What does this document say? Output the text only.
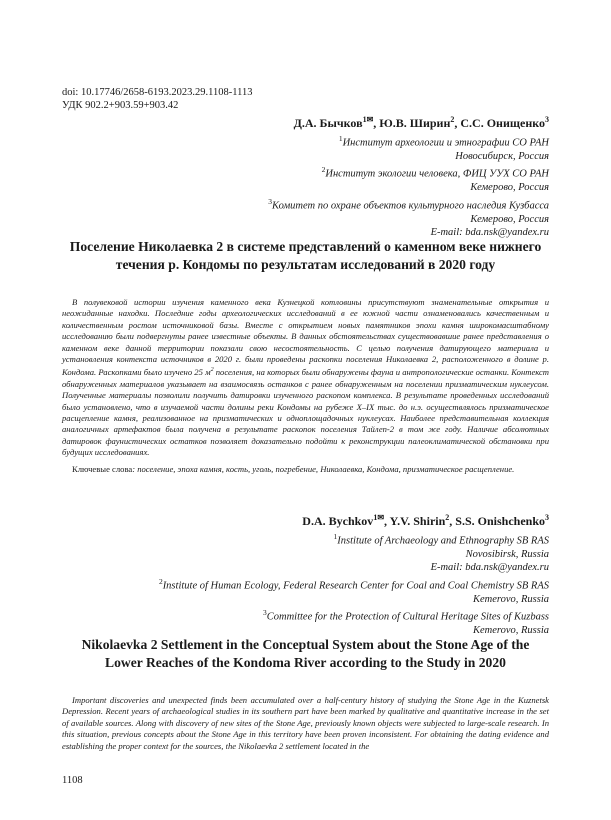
doi: 10.17746/2658-6193.2023.29.1108-1113
УДК 902.2+903.59+903.42
Д.А. Бычков$^{1✉}$, Ю.В. Ширин$^2$, С.С. Онищенко$^3$
$^1$Институт археологии и этнографии СО РАН
Новосибирск, Россия
$^2$Институт экологии человека, ФИЦ УУХ СО РАН
Кемерово, Россия
$^3$Комитет по охране объектов культурного наследия Кузбасса
Кемерово, Россия
E-mail: bda.nsk@yandex.ru
Поселение Николаевка 2 в системе представлений о каменном веке нижнего течения р. Кондомы по результатам исследований в 2020 году

В полувековой истории изучения каменного века Кузнецкой котловины присутствуют знаменательные открытия и неожиданные находки. Последние годы археологических исследований в ее южной части ознаменовались качественным и количественным ростом источниковой базы. Вместе с открытием новых памятников эпохи камня широкомасштабному исследованию были подвергнуты ранее известные объекты. В данных обстоятельствах существовавшие ранее представления о каменном веке данной территории показали свою несостоятельность. С целью получения датирующего материала и установления контекста источников в 2020 г. были проведены раскопки поселения Николаевка 2, расположенного в долине р. Кондома. Раскопками было изучено 25 $м^2$ поселения, на которых были обнаружены фауна и антропологические останки. Контекст обнаруженных материалов указывает на взаимосвязь останков с ранее обнаруженным на поселении призматическим нуклеусом. Полученные материалы позволили получить датировки изученного раскопом комплекса. В результате проведенных исследований было установлено, что в изучаемой части долины реки Кондомы на рубеже X–IX тыс. до н.э. осуществлялось призматическое расщепление камня, реализованное на призматических и одноплощадочных нуклеусах. Наиболее представительная коллекция аналогичных артефактов была получена в результате раскопок поселения Тайлеп-2 в том же году. Наличие абсолютных датировок фаунистических остатков позволяет доказательно подойти к реконструкции палеоклиматической обстановки при будущих исследованиях.

Ключевые слова: поселение, эпоха камня, кость, уголь, погребение, Николаевка, Кондома, призматическое расщепление.

D.A. Bychkov$^{1✉}$, Y.V. Shirin$^2$, S.S. Onishchenko$^3$
$^1$Institute of Archaeology and Ethnography SB RAS
Novosibirsk, Russia
E-mail: bda.nsk@yandex.ru
$^2$Institute of Human Ecology, Federal Research Center for Coal and Coal Chemistry SB RAS
Kemerovo, Russia
$^3$Committee for the Protection of Cultural Heritage Sites of Kuzbass
Kemerovo, Russia
Nikolaevka 2 Settlement in the Conceptual System about the Stone Age of the Lower Reaches of the Kondoma River according to the Study in 2020

Important discoveries and unexpected finds been accumulated over a half-century history of studying the Stone Age in the Kuznetsk Depression. Recent years of archaeological studies in its southern part have been marked by qualitative and quantitative increase in the set of available sources. Along with discovery of new sites of the Stone Age, previously known objects were subjected to large-scale research. In this situation, previous concepts about the Stone Age in this territory have been proven inconsistent. For obtaining the dating evidence and establishing the proper context for the sources, the Nikolaevka 2 settlement located in the

1108
